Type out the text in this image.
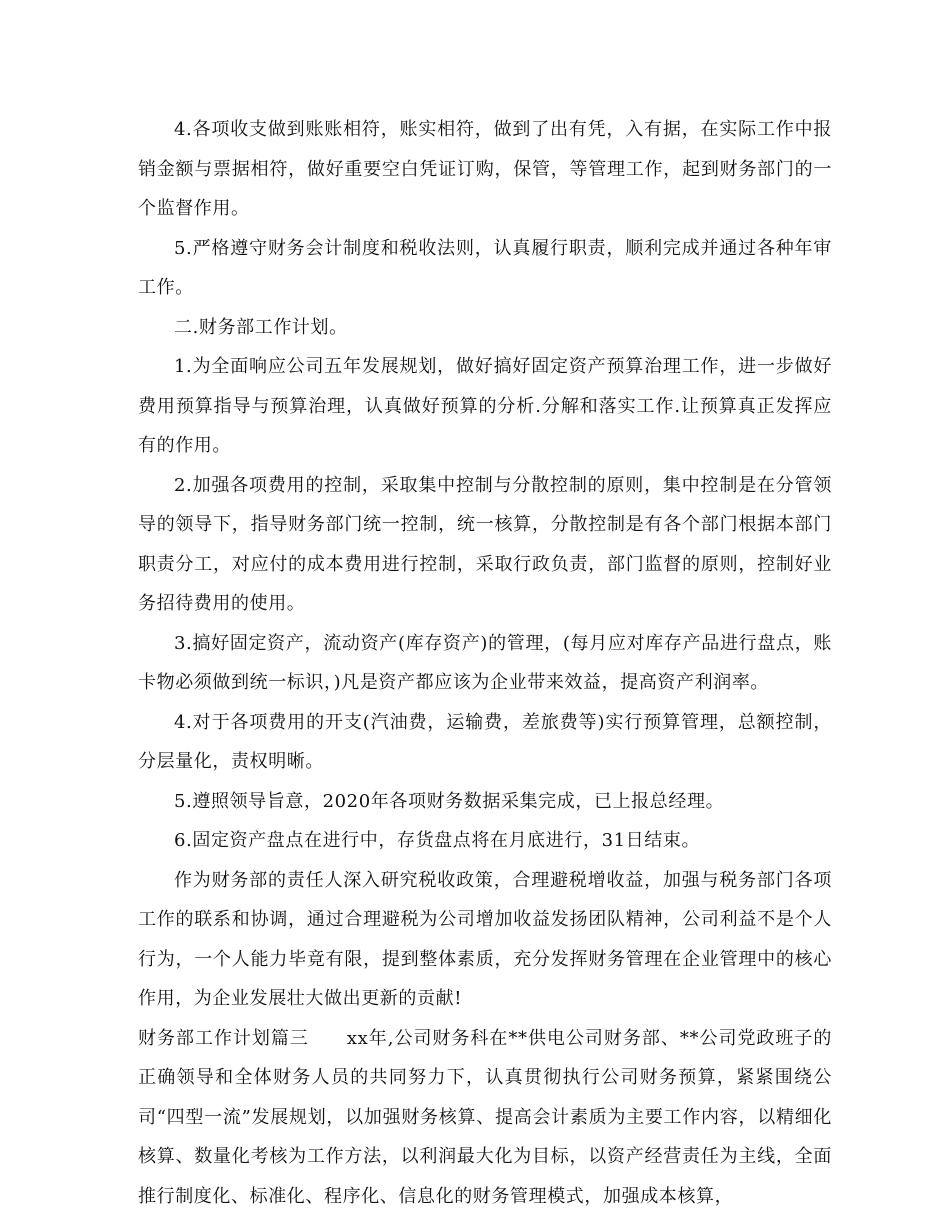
4.各项收支做到账账相符，账实相符，做到了出有凭，入有据，在实际工作中报销金额与票据相符，做好重要空白凭证订购，保管，等管理工作，起到财务部门的一个监督作用。

5.严格遵守财务会计制度和税收法则，认真履行职责，顺利完成并通过各种年审工作。

二.财务部工作计划。

1.为全面响应公司五年发展规划，做好搞好固定资产预算治理工作，进一步做好费用预算指导与预算治理，认真做好预算的分析.分解和落实工作.让预算真正发挥应有的作用。

2.加强各项费用的控制，采取集中控制与分散控制的原则，集中控制是在分管领导的领导下，指导财务部门统一控制，统一核算，分散控制是有各个部门根据本部门职责分工，对应付的成本费用进行控制，采取行政负责，部门监督的原则，控制好业务招待费用的使用。

3.搞好固定资产，流动资产(库存资产)的管理，(每月应对库存产品进行盘点，账卡物必须做到统一标识，)凡是资产都应该为企业带来效益，提高资产利润率。

4.对于各项费用的开支(汽油费，运输费，差旅费等)实行预算管理，总额控制，分层量化，责权明晰。

5.遵照领导旨意，2020年各项财务数据采集完成，已上报总经理。

6.固定资产盘点在进行中，存货盘点将在月底进行，31日结束。

作为财务部的责任人深入研究税收政策，合理避税增收益，加强与税务部门各项工作的联系和协调，通过合理避税为公司增加收益发扬团队精神，公司利益不是个人行为，一个人能力毕竟有限，提到整体素质，充分发挥财务管理在企业管理中的核心作用，为企业发展壮大做出更新的贡献!

财务部工作计划篇三　　xx年,公司财务科在**供电公司财务部、**公司党政班子的正确领导和全体财务人员的共同努力下，认真贯彻执行公司财务预算，紧紧围绕公司“四型一流”发展规划，以加强财务核算、提高会计素质为主要工作内容，以精细化核算、数量化考核为工作方法，以利润最大化为目标，以资产经营责任为主线，全面推行制度化、标准化、程序化、信息化的财务管理模式，加强成本核算，
